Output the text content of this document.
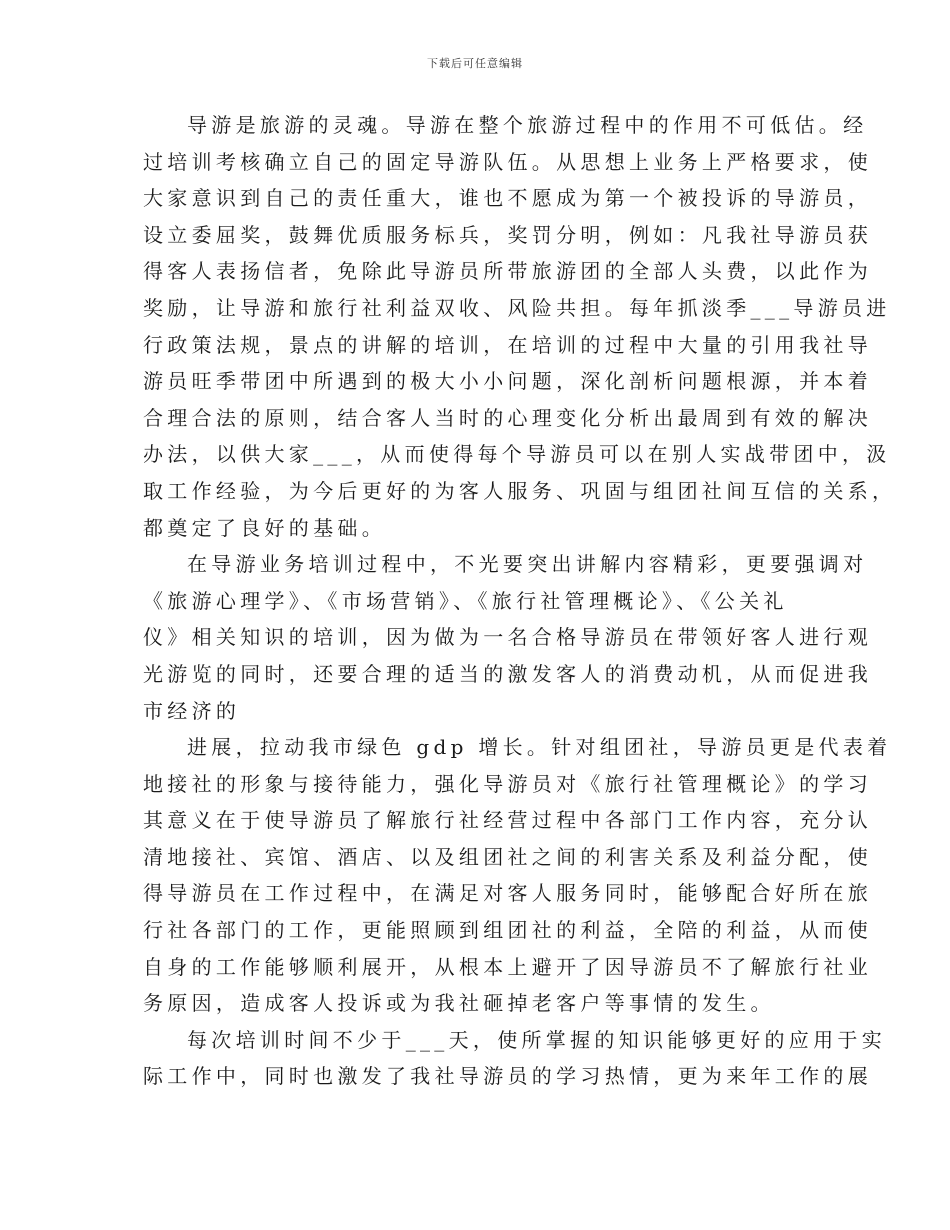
下载后可任意编辑
导游是旅游的灵魂。导游在整个旅游过程中的作用不可低估。经
过培训考核确立自己的固定导游队伍。从思想上业务上严格要求，使
大家意识到自己的责任重大，谁也不愿成为第一个被投诉的导游员，
设立委屈奖，鼓舞优质服务标兵，奖罚分明，例如：凡我社导游员获
得客人表扬信者，免除此导游员所带旅游团的全部人头费，以此作为
奖励，让导游和旅行社利益双收、风险共担。每年抓淡季___导游员进
行政策法规，景点的讲解的培训，在培训的过程中大量的引用我社导
游员旺季带团中所遇到的极大小小问题，深化剖析问题根源，并本着
合理合法的原则，结合客人当时的心理变化分析出最周到有效的解决
办法，以供大家___，从而使得每个导游员可以在别人实战带团中，汲
取工作经验，为今后更好的为客人服务、巩固与组团社间互信的关系，
都奠定了良好的基础。
在导游业务培训过程中，不光要突出讲解内容精彩，更要强调对
《旅游心理学》、《市场营销》、《旅行社管理概论》、《公关礼
仪》相关知识的培训，因为做为一名合格导游员在带领好客人进行观
光游览的同时，还要合理的适当的激发客人的消费动机，从而促进我
市经济的
进展，拉动我市绿色 gdp 增长。针对组团社，导游员更是代表着
地接社的形象与接待能力，强化导游员对《旅行社管理概论》的学习
其意义在于使导游员了解旅行社经营过程中各部门工作内容，充分认
清地接社、宾馆、酒店、以及组团社之间的利害关系及利益分配，使
得导游员在工作过程中，在满足对客人服务同时，能够配合好所在旅
行社各部门的工作，更能照顾到组团社的利益，全陪的利益，从而使
自身的工作能够顺利展开，从根本上避开了因导游员不了解旅行社业
务原因，造成客人投诉或为我社砸掉老客户等事情的发生。
每次培训时间不少于___天，使所掌握的知识能够更好的应用于实
际工作中，同时也激发了我社导游员的学习热情，更为来年工作的展
